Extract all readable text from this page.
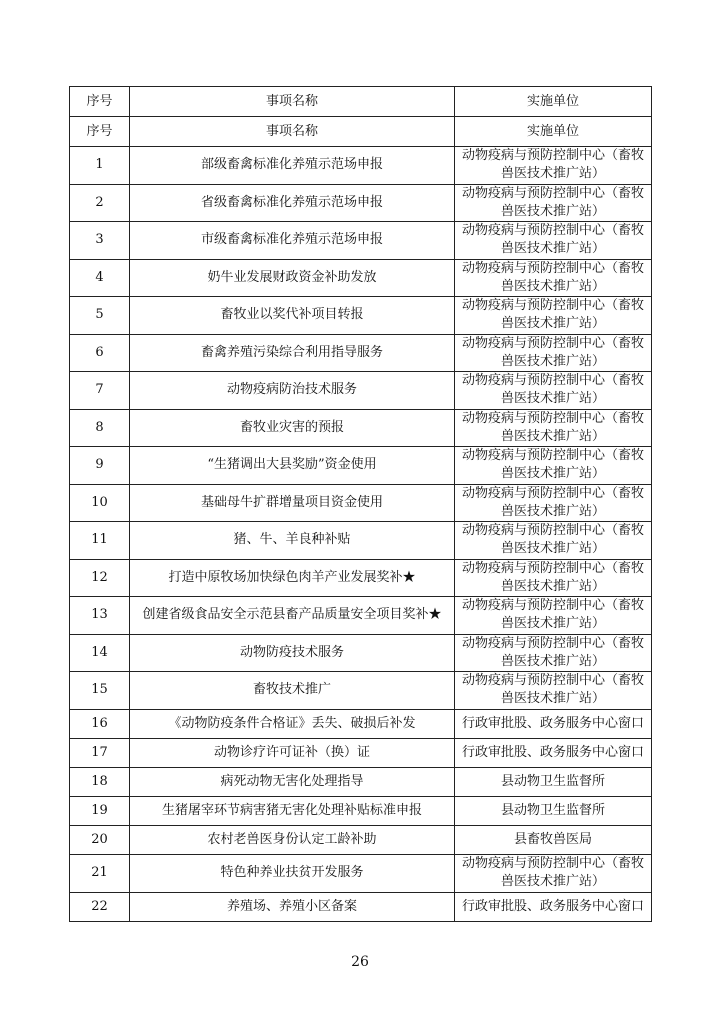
序号	事项名称	实施单位
序号	事项名称	实施单位
1	部级畜禽标准化养殖示范场申报	动物疫病与预防控制中心（畜牧兽医技术推广站）
2	省级畜禽标准化养殖示范场申报	动物疫病与预防控制中心（畜牧兽医技术推广站）
3	市级畜禽标准化养殖示范场申报	动物疫病与预防控制中心（畜牧兽医技术推广站）
4	奶牛业发展财政资金补助发放	动物疫病与预防控制中心（畜牧兽医技术推广站）
5	畜牧业以奖代补项目转报	动物疫病与预防控制中心（畜牧兽医技术推广站）
6	畜禽养殖污染综合利用指导服务	动物疫病与预防控制中心（畜牧兽医技术推广站）
7	动物疫病防治技术服务	动物疫病与预防控制中心（畜牧兽医技术推广站）
8	畜牧业灾害的预报	动物疫病与预防控制中心（畜牧兽医技术推广站）
9	“生猪调出大县奖励”资金使用	动物疫病与预防控制中心（畜牧兽医技术推广站）
10	基础母牛扩群增量项目资金使用	动物疫病与预防控制中心（畜牧兽医技术推广站）
11	猪、牛、羊良种补贴	动物疫病与预防控制中心（畜牧兽医技术推广站）
12	打造中原牧场加快绿色肉羊产业发展奖补★	动物疫病与预防控制中心（畜牧兽医技术推广站）
13	创建省级食品安全示范县畜产品质量安全项目奖补★	动物疫病与预防控制中心（畜牧兽医技术推广站）
14	动物防疫技术服务	动物疫病与预防控制中心（畜牧兽医技术推广站）
15	畜牧技术推广	动物疫病与预防控制中心（畜牧兽医技术推广站）
16	《动物防疫条件合格证》丢失、破损后补发	行政审批股、政务服务中心窗口
17	动物诊疗许可证补（换）证	行政审批股、政务服务中心窗口
18	病死动物无害化处理指导	县动物卫生监督所
19	生猪屠宰环节病害猪无害化处理补贴标准申报	县动物卫生监督所
20	农村老兽医身份认定工龄补助	县畜牧兽医局
21	特色种养业扶贫开发服务	动物疫病与预防控制中心（畜牧兽医技术推广站）
22	养殖场、养殖小区备案	行政审批股、政务服务中心窗口
26
